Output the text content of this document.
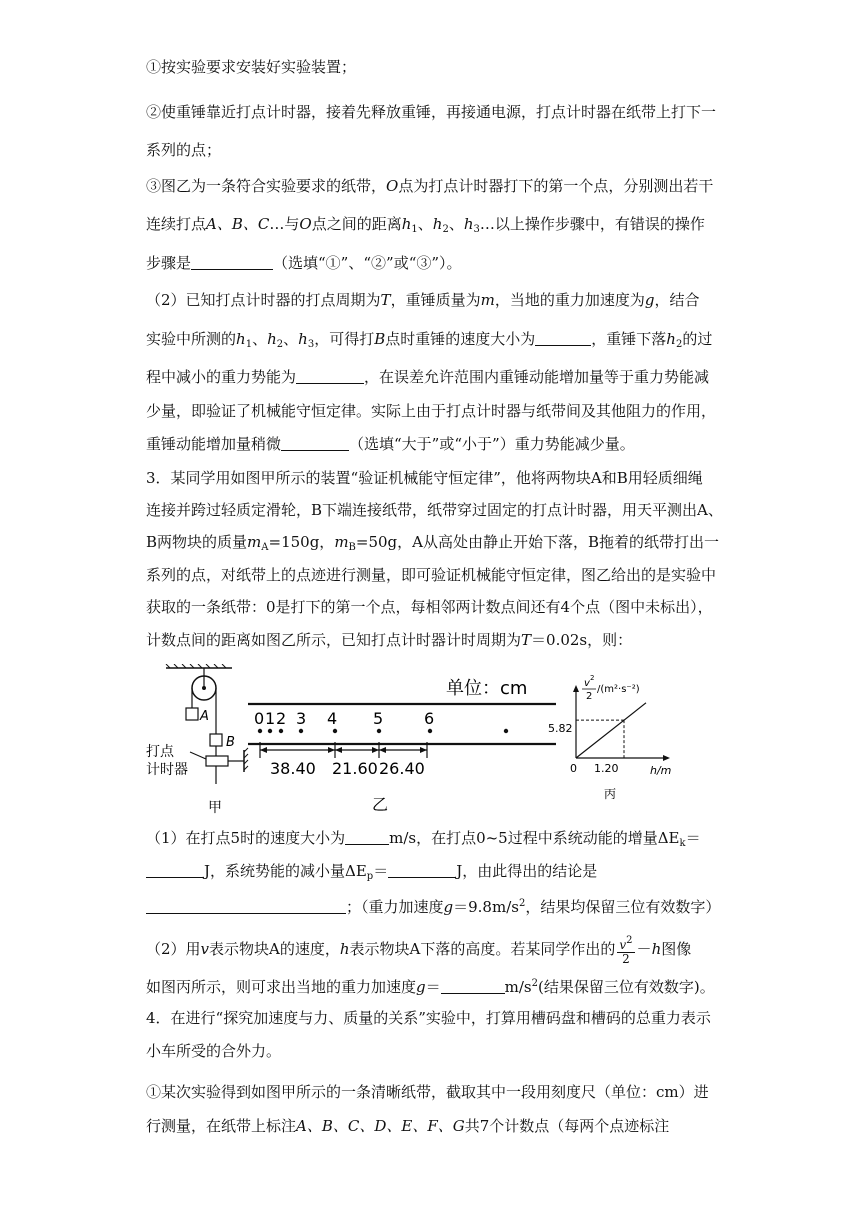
①按实验要求安装好实验装置；
②使重锤靠近打点计时器，接着先释放重锤，再接通电源，打点计时器在纸带上打下一
系列的点；
③图乙为一条符合实验要求的纸带，O点为打点计时器打下的第一个点，分别测出若干
连续打点A、B、C…与O点之间的距离$h_1$、$h_2$、$h_3\dots$以上操作步骤中，有错误的操作
步骤是	（选填“①”、“②”或“③”）。
（2）已知打点计时器的打点周期为T，重锤质量为m，当地的重力加速度为g，结合
实验中所测的$h_1$、$h_2$、$h_3$，可得打B点时重锤的速度大小为	，重锤下落$h_2$的过
程中减小的重力势能为	，在误差允许范围内重锤动能增加量等于重力势能减
少量，即验证了机械能守恒定律。实际上由于打点计时器与纸带间及其他阻力的作用，
重锤动能增加量稍微	（选填“大于”或“小于”）重力势能减少量。
3．某同学用如图甲所示的装置“验证机械能守恒定律”，他将两物块A和B用轻质细绳
连接并跨过轻质定滑轮，B下端连接纸带，纸带穿过固定的打点计时器，用天平测出A、
B两物块的质量$m_A=150g$，$m_B=50g$，A从高处由静止开始下落，B拖着的纸带打出一
系列的点，对纸带上的点迹进行测量，即可验证机械能守恒定律，图乙给出的是实验中
获取的一条纸带：0是打下的第一个点，每相邻两计数点间还有4个点（图中未标出），
计数点间的距离如图乙所示，已知打点计时器计时周期为T＝0.02s，则：
A
B
打点
计时器
甲
单位：cm
0 1 2 3 4 5	6
38.40 21.60 26.40
乙
v 2
2
/(m²·s⁻²)
5.82
0 1.20	h/m
丙
（1）在打点5时的速度大小为	m/s，在打点0~5过程中系统动能的增量$\Delta E_k=$
J，系统势能的减小量$\Delta E_p=$	J，由此得出的结论是
；（重力加速度$g=9.8m/s^2$，结果均保留三位有效数字）
（2）用v表示物块A的速度，h表示物块A下落的高度。若某同学作出的 $\frac{v^2}{2} -h$图像
如图丙所示，则可求出当地的重力加速度g＝	$m/s^2$(结果保留三位有效数字)。
4．在进行“探究加速度与力、质量的关系”实验中，打算用槽码盘和槽码的总重力表示
小车所受的合外力。
①某次实验得到如图甲所示的一条清晰纸带，截取其中一段用刻度尺（单位：cm）进
行测量，在纸带上标注A、B、C、D、E、F、G共7个计数点（每两个点迹标注
